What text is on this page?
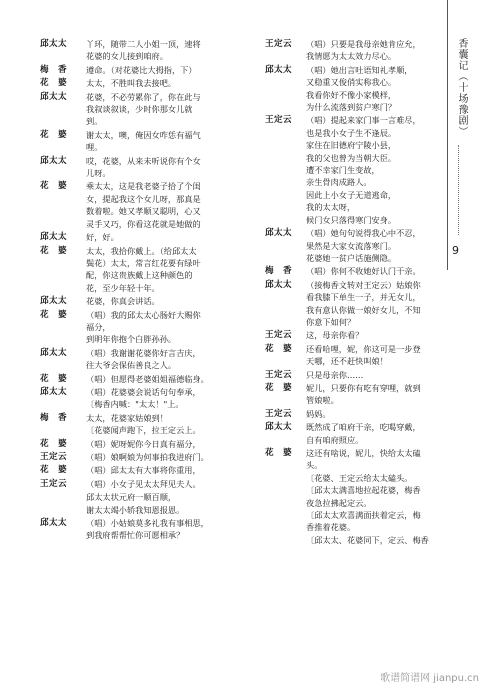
邱太太	丫环，随带二人小姐一顶，速将
花婆的女儿接到咱府。
梅　香	遵命。（对花婆比大拇指，下）
花　婆	太太，不胜叫我去接吧。
邱太太	花婆，不必劳累你了，你在此与
我叙谈叙谈，少时你那女儿就
到。
花　婆	谢太太，噢，俺因女咋恁有福气
哩。
邱太太	哎，花婆，从来未听说你有个女
儿呀。
花　婆	乘太太，这是我老婆子拾了个闺
女，提起我这个女儿呀，那真是
数着啦。她又孝顺又聪明，心又
灵手又巧，你看这花就是她做的
邱太太	好，好。
花　婆	太太，我拾你戴上。（给邱太太
鬓花）太太，常言红花要有绿叶
配，你这贵族戴上这种颜色的
花，至少年轻十年。
邱太太	花婆，你真会讲话。
花　婆	（唱）我的邱太太心肠好大赐你
福分，
到明年你抱个白胖孙孙。
邱太太	（唱）我谢谢花婆你好言吉庆，
往大爷会保佑善良之人。
花　婆	（唱）但愿得老婆姐姐福德临身。
邱太太	（唱）花婆婆会说话句句奉承，
〔梅香内喊："太太！"上。
梅　香	太太，花婆家姑娘到！
〔花婆闻声跑下，拉王定云上。
花　婆	（唱）妮呀妮你今日真有福分，
王定云	（唱）娘啊娘为何事拍我进府门。
花　婆	（唱）邱太太有大事将你重用，
王定云	（唱）小女子见太太拜见夫人。
邱太太状元府一顺百顺，
谢太太竭小轿我知恩报恩。
邱太太	（唱）小姑娘莫多礼我有事相思，
到我府帮帮忙你可愿相承？
王定云	（唱）只要是我母亲她肯应允，
我情愿为太太效力尽心。
邱太太	（唱）她出言吐语知礼孝顺，
又稳重又俊俏实称我心。
我看你好不像小家模样，
为什么流落到贫户寒门？
王定云	（唱）提起来家门事一言难尽，
也是我小女子生不逢辰。
家住在旧德府宁陵小县，
我的父也曾为当朝大臣。
遭不幸家门生变故，
亲生骨肉成路人。
因此上小女子无道逃命，
我的太太呀，
候门女只落得寒门安身。
邱太太	（唱）她句句说得我心中不忍，
果然是大家女流落寒门。
花婆她一贫户话施侧隐。
梅　香	（唱）你何不收她好认门干亲。
邱太太	（接梅香文转对王定云）姑娘你
看我膝下单生一子，并无女儿，
我有意认你做一娘好女儿，不知
你意下如何？
王定云	这，母亲你看？
花　婆	还看哈哩，妮，你这可是一步登
天哪，还不赶快叫娘！
王定云	只是母亲你……
花　婆	妮儿，只要你有吃有穿哩，就到
管娘啦。
王定云	妈妈。
邱太太	既然成了咱府干亲，吃喝穿戴，
自有咱府照应。
花　婆	这还有啥说，妮儿，快给太太磕
头。
〔花婆、王定云给太太磕头。
〔邱太太满喜地拉起花婆，梅香
夜急拉拂起定云。
〔邱太太欢喜满面扶着定云，梅
香推着花婆。
〔邱太太、花婆同下，定云、梅香
香囊记（十场豫剧）
9
歌谱简谱网 jianpu.cn
